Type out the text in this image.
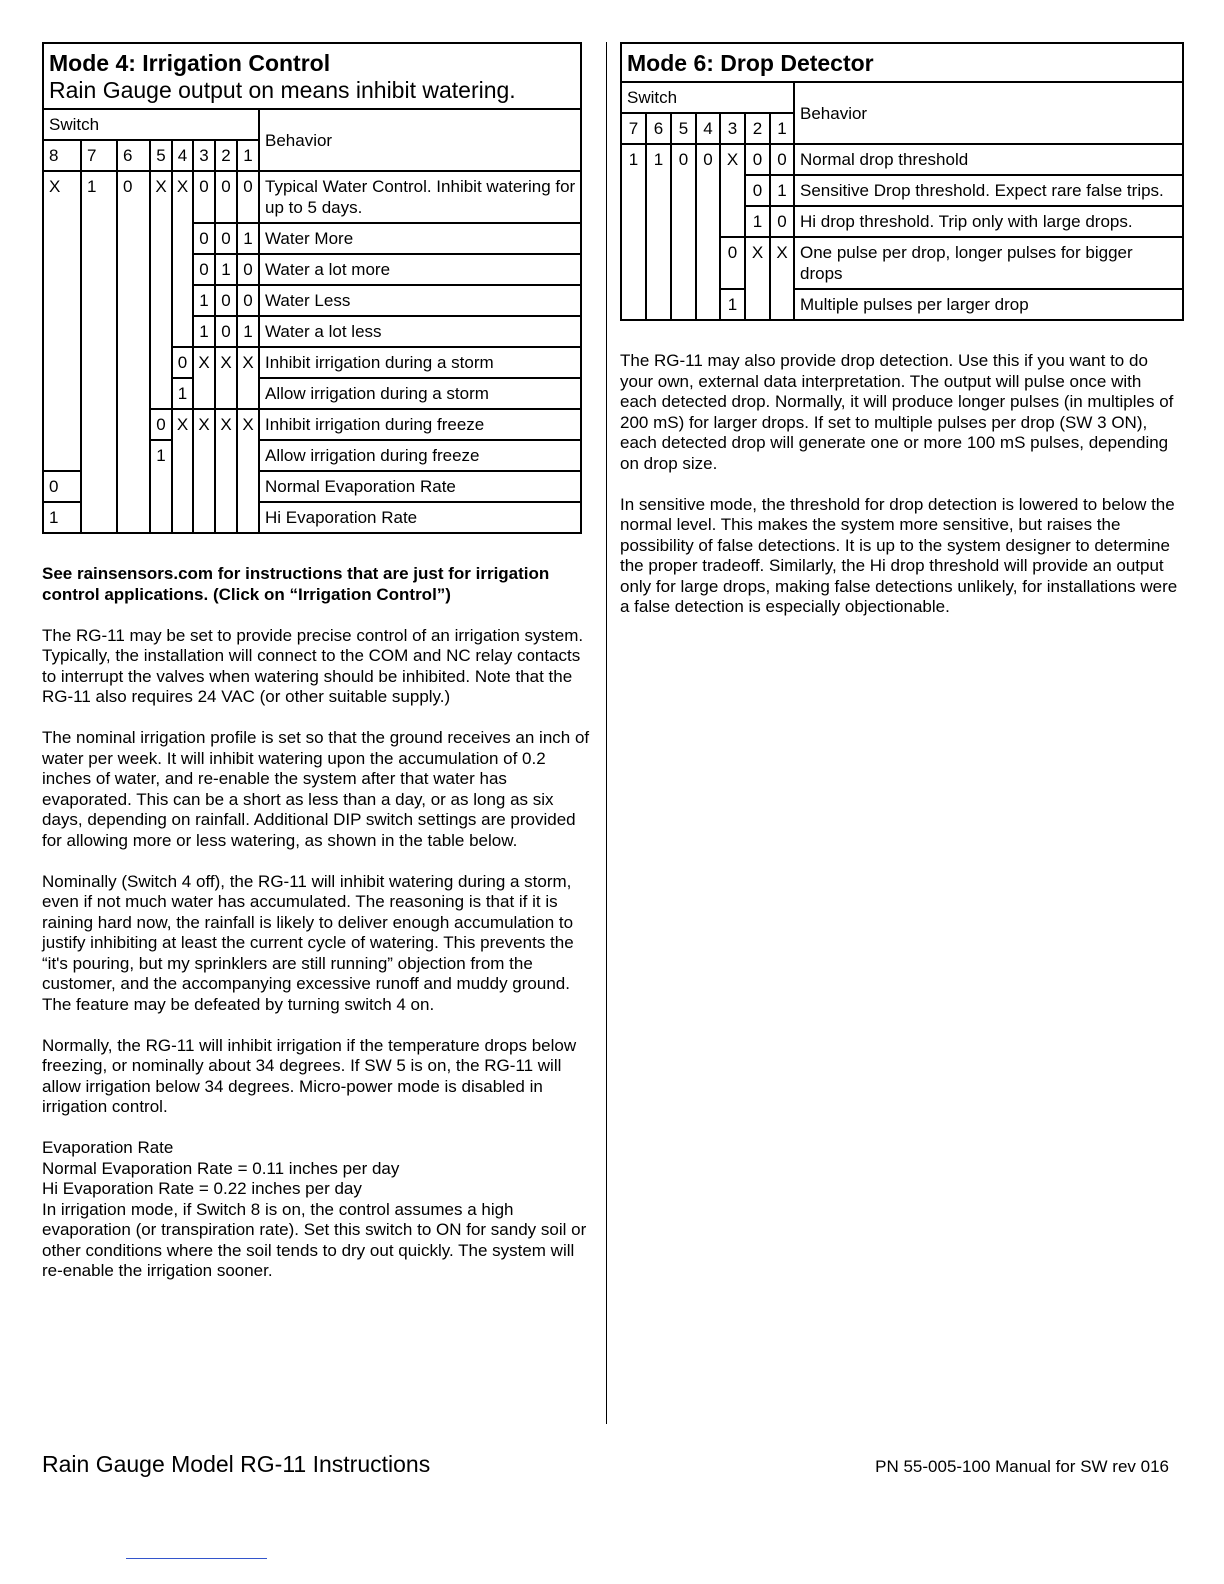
Mode 4: Irrigation Control
Rain Gauge output on means inhibit watering.								

Switch								Behavior
8	7	6	5	4	3	2	1	
X	1	0	X	X	0	0	0	Typical Water Control. Inhibit watering for up to 5 days.
					0	0	1	Water More
					0	1	0	Water a lot more
					1	0	0	Water Less
					1	0	1	Water a lot less
				0	X	X	X	Inhibit irrigation during a storm
				1				Allow irrigation during a storm
			0	X	X	X	X	Inhibit irrigation during freeze
			1					Allow irrigation during freeze
0								Normal Evaporation Rate
1								Hi Evaporation Rate

See rainsensors.com for instructions that are just for irrigation control applications. (Click on “Irrigation Control”)

The RG-11 may be set to provide precise control of an irrigation system. Typically, the installation will connect to the COM and NC relay contacts to interrupt the valves when watering should be inhibited. Note that the RG-11 also requires 24 VAC (or other suitable supply.)

The nominal irrigation profile is set so that the ground receives an inch of water per week. It will inhibit watering upon the accumulation of 0.2 inches of water, and re-enable the system after that water has evaporated. This can be a short as less than a day, or as long as six days, depending on rainfall. Additional DIP switch settings are provided for allowing more or less watering, as shown in the table below.

Nominally (Switch 4 off), the RG-11 will inhibit watering during a storm, even if not much water has accumulated. The reasoning is that if it is raining hard now, the rainfall is likely to deliver enough accumulation to justify inhibiting at least the current cycle of watering. This prevents the “it's pouring, but my sprinklers are still running” objection from the customer, and the accompanying excessive runoff and muddy ground. The feature may be defeated by turning switch 4 on.

Normally, the RG-11 will inhibit irrigation if the temperature drops below freezing, or nominally about 34 degrees. If SW 5 is on, the RG-11 will allow irrigation below 34 degrees. Micro-power mode is disabled in irrigation control.

Evaporation Rate
Normal Evaporation Rate = 0.11 inches per day
Hi Evaporation Rate = 0.22 inches per day
In irrigation mode, if Switch 8 is on, the control assumes a high evaporation (or transpiration rate). Set this switch to ON for sandy soil or other conditions where the soil tends to dry out quickly. The system will re-enable the irrigation sooner.
Mode 6: Drop Detector							

Switch							Behavior
7	6	5	4	3	2	1	
1	1	0	0	X	0	0	Normal drop threshold
					0	1	Sensitive Drop threshold. Expect rare false trips.
					1	0	Hi drop threshold. Trip only with large drops.
				0	X	X	One pulse per drop, longer pulses for bigger drops
				1			Multiple pulses per larger drop

The RG-11 may also provide drop detection. Use this if you want to do your own, external data interpretation. The output will pulse once with each detected drop. Normally, it will produce longer pulses (in multiples of 200 mS) for larger drops. If set to multiple pulses per drop (SW 3 ON), each detected drop will generate one or more 100 mS pulses, depending on drop size.

In sensitive mode, the threshold for drop detection is lowered to below the normal level. This makes the system more sensitive, but raises the possibility of false detections. It is up to the system designer to determine the proper tradeoff. Similarly, the Hi drop threshold will provide an output only for large drops, making false detections unlikely, for installations were a false detection is especially objectionable.

Rain Gauge Model RG-11 Instructions	PN 55-005-100 Manual for SW rev 016
